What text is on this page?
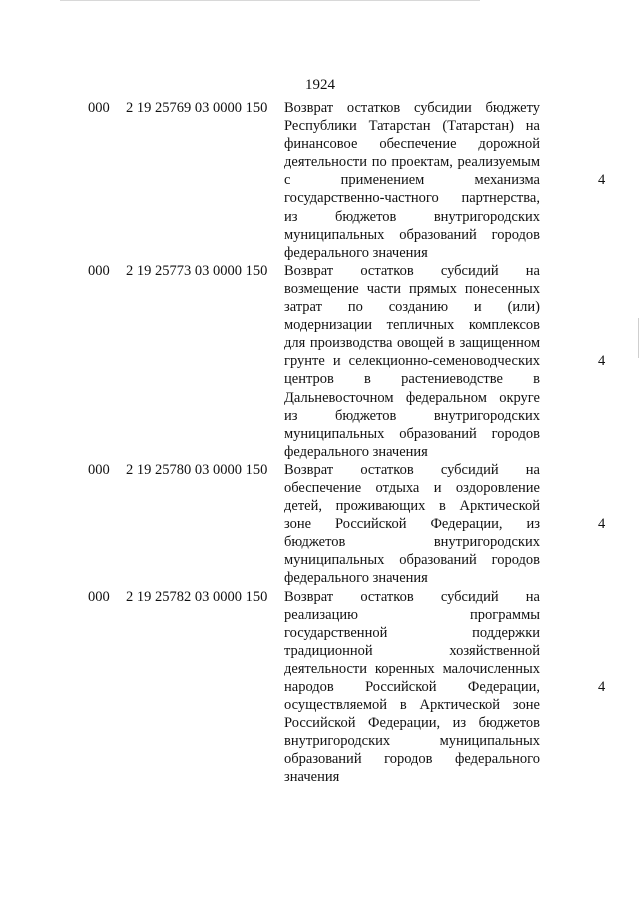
1924
000 2 19 25769 03 0000 150 Возврат остатков субсидии бюджету
Республики Татарстан (Татарстан) на
финансовое обеспечение дорожной
деятельности по проектам, реализуемым
с применением механизма
государственно-частного партнерства,
из бюджетов внутригородских
муниципальных образований городов
федерального значения
4
000 2 19 25773 03 0000 150 Возврат остатков субсидий на
возмещение части прямых понесенных
затрат по созданию и (или)
модернизации тепличных комплексов
для производства овощей в защищенном
грунте и селекционно-семеноводческих
центров в растениеводстве в
Дальневосточном федеральном округе
из бюджетов внутригородских
муниципальных образований городов
федерального значения
4
000 2 19 25780 03 0000 150 Возврат остатков субсидий на
обеспечение отдыха и оздоровление
детей, проживающих в Арктической
зоне Российской Федерации, из
бюджетов внутригородских
муниципальных образований городов
федерального значения
4
000 2 19 25782 03 0000 150 Возврат остатков субсидий на
реализацию программы
государственной поддержки
традиционной хозяйственной
деятельности коренных малочисленных
народов Российской Федерации,
осуществляемой в Арктической зоне
Российской Федерации, из бюджетов
внутригородских муниципальных
образований городов федерального
значения
4
